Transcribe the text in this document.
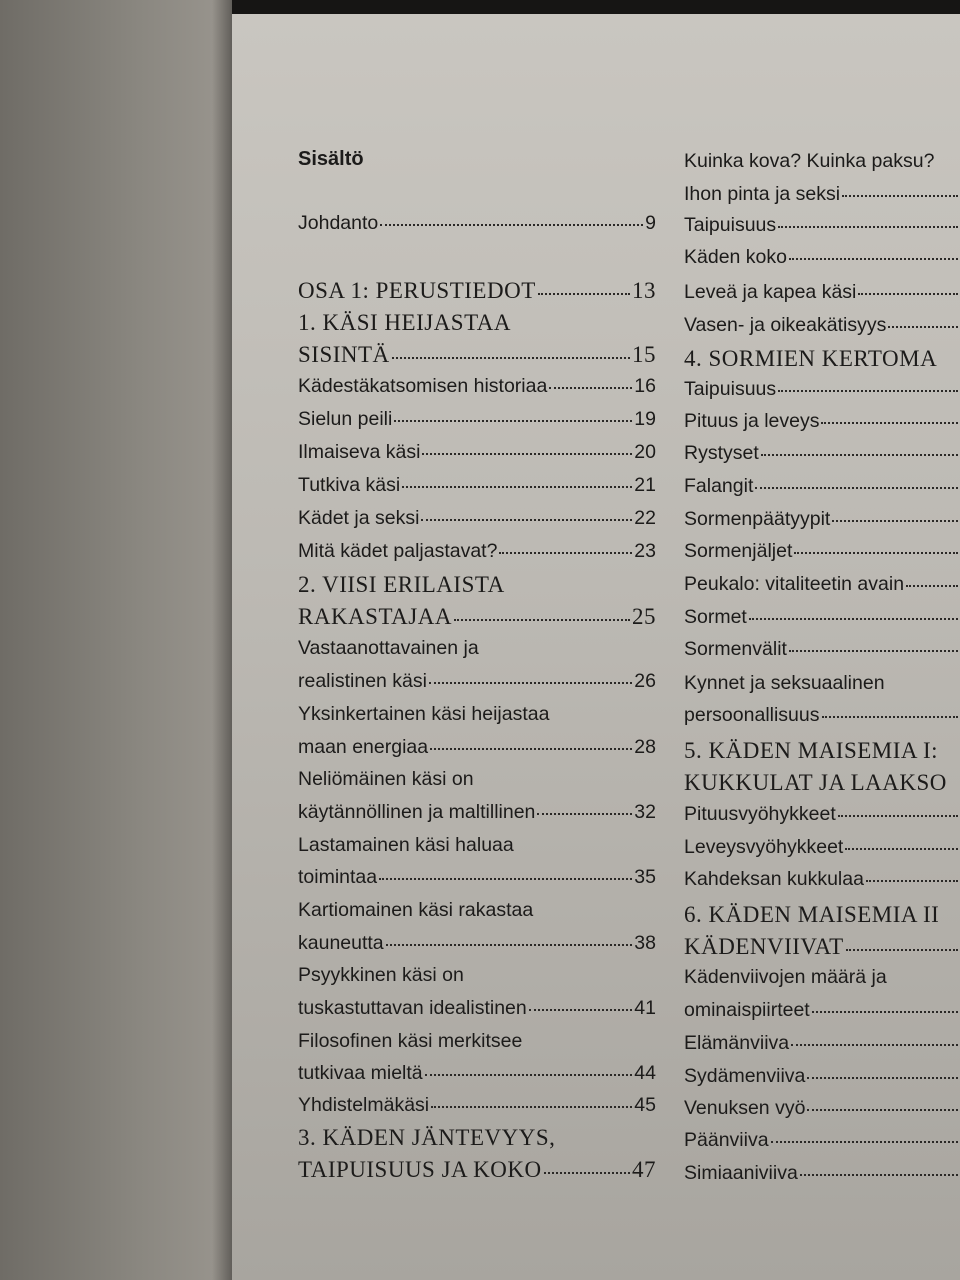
Sisältö
Johdanto	9
OSA 1: PERUSTIEDOT	13
1. KÄSI HEIJASTAA
SISINTÄ	15
Kädestäkatsomisen historiaa	16
Sielun peili	19
Ilmaiseva käsi	20
Tutkiva käsi	21
Kädet ja seksi	22
Mitä kädet paljastavat?	23
2. VIISI ERILAISTA
RAKASTAJAA	25
Vastaanottavainen ja
realistinen käsi	26
Yksinkertainen käsi heijastaa
maan energiaa	28
Neliömäinen käsi on
käytännöllinen ja maltillinen	32
Lastamainen käsi haluaa
toimintaa	35
Kartiomainen käsi rakastaa
kauneutta	38
Psyykkinen käsi on
tuskastuttavan idealistinen	41
Filosofinen käsi merkitsee
tutkivaa mieltä	44
Yhdistelmäkäsi	45
3. KÄDEN JÄNTEVYYS,
TAIPUISUUS JA KOKO	47
Kuinka kova? Kuinka paksu?
Ihon pinta ja seksi
Taipuisuus
Käden koko
Leveä ja kapea käsi
Vasen- ja oikeakätisyys
4. SORMIEN KERTOMA
Taipuisuus
Pituus ja leveys
Rystyset
Falangit
Sormenpäätyypit
Sormenjäljet
Peukalo: vitaliteetin avain
Sormet
Sormenvälit
Kynnet ja seksuaalinen
persoonallisuus
5. KÄDEN MAISEMIA I:
KUKKULAT JA LAAKSO
Pituusvyöhykkeet
Leveysvyöhykkeet
Kahdeksan kukkulaa
6. KÄDEN MAISEMIA II
KÄDENVIIVAT
Kädenviivojen määrä ja
ominaispiirteet
Elämänviiva
Sydämenviiva
Venuksen vyö
Päänviiva
Simiaaniviiva
